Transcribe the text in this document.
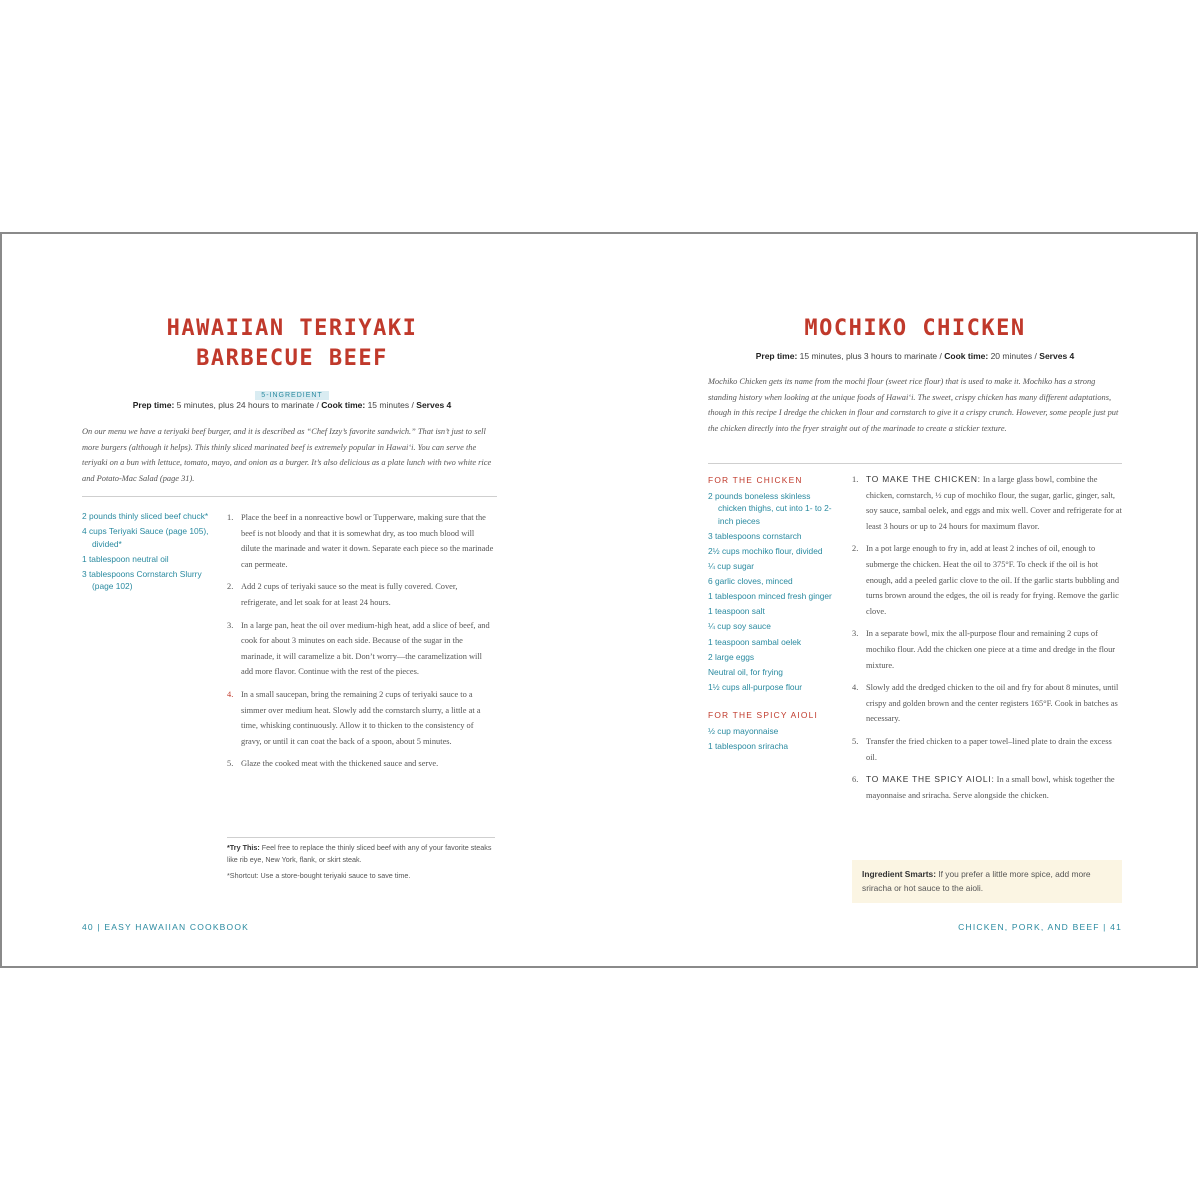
HAWAIIAN TERIYAKI
BARBECUE BEEF
5-INGREDIENT
Prep time: 5 minutes, plus 24 hours to marinate / Cook time: 15 minutes / Serves 4

On our menu we have a teriyaki beef burger, and it is described as “Chef Izzy’s favorite sandwich.” That isn’t just to sell more burgers (although it helps). This thinly sliced marinated beef is extremely popular in Hawai‘i. You can serve the teriyaki on a bun with lettuce, tomato, mayo, and onion as a burger. It’s also delicious as a plate lunch with two white rice and Potato-Mac Salad (page 31).

2 pounds thinly sliced beef chuck*
4 cups Teriyaki Sauce (page 105), divided*
1 tablespoon neutral oil
3 tablespoons Cornstarch Slurry (page 102)
1. Place the beef in a nonreactive bowl or Tupperware, making sure that the beef is not bloody and that it is somewhat dry, as too much blood will dilute the marinade and water it down. Separate each piece so the marinade can permeate.
2. Add 2 cups of teriyaki sauce so the meat is fully covered. Cover, refrigerate, and let soak for at least 24 hours.
3. In a large pan, heat the oil over medium-high heat, add a slice of beef, and cook for about 3 minutes on each side. Because of the sugar in the marinade, it will caramelize a bit. Don’t worry—the caramelization will add more flavor. Continue with the rest of the pieces.
4. In a small saucepan, bring the remaining 2 cups of teriyaki sauce to a simmer over medium heat. Slowly add the cornstarch slurry, a little at a time, whisking continuously. Allow it to thicken to the consistency of gravy, or until it can coat the back of a spoon, about 5 minutes.
5. Glaze the cooked meat with the thickened sauce and serve.
*Try This: Feel free to replace the thinly sliced beef with any of your favorite steaks like rib eye, New York, flank, or skirt steak.
*Shortcut: Use a store-bought teriyaki sauce to save time.
40 | EASY HAWAIIAN COOKBOOK
MOCHIKO CHICKEN
Prep time: 15 minutes, plus 3 hours to marinate / Cook time: 20 minutes / Serves 4

Mochiko Chicken gets its name from the mochi flour (sweet rice flour) that is used to make it. Mochiko has a strong standing history when looking at the unique foods of Hawai‘i. The sweet, crispy chicken has many different adaptations, though in this recipe I dredge the chicken in flour and cornstarch to give it a crispy crunch. However, some people just put the chicken directly into the fryer straight out of the marinade to create a stickier texture.

FOR THE CHICKEN
2 pounds boneless skinless chicken thighs, cut into 1- to 2-inch pieces
3 tablespoons cornstarch
2½ cups mochiko flour, divided
¼ cup sugar
6 garlic cloves, minced
1 tablespoon minced fresh ginger
1 teaspoon salt
¼ cup soy sauce
1 teaspoon sambal oelek
2 large eggs
Neutral oil, for frying
1½ cups all-purpose flour
FOR THE SPICY AIOLI
½ cup mayonnaise
1 tablespoon sriracha
1. TO MAKE THE CHICKEN: In a large glass bowl, combine the chicken, cornstarch, ½ cup of mochiko flour, the sugar, garlic, ginger, salt, soy sauce, sambal oelek, and eggs and mix well. Cover and refrigerate for at least 3 hours or up to 24 hours for maximum flavor.
2. In a pot large enough to fry in, add at least 2 inches of oil, enough to submerge the chicken. Heat the oil to 375°F. To check if the oil is hot enough, add a peeled garlic clove to the oil. If the garlic starts bubbling and turns brown around the edges, the oil is ready for frying. Remove the garlic clove.
3. In a separate bowl, mix the all-purpose flour and remaining 2 cups of mochiko flour. Add the chicken one piece at a time and dredge in the flour mixture.
4. Slowly add the dredged chicken to the oil and fry for about 8 minutes, until crispy and golden brown and the center registers 165°F. Cook in batches as necessary.
5. Transfer the fried chicken to a paper towel–lined plate to drain the excess oil.
6. TO MAKE THE SPICY AIOLI: In a small bowl, whisk together the mayonnaise and sriracha. Serve alongside the chicken.
Ingredient Smarts: If you prefer a little more spice, add more sriracha or hot sauce to the aioli.
CHICKEN, PORK, AND BEEF | 41
